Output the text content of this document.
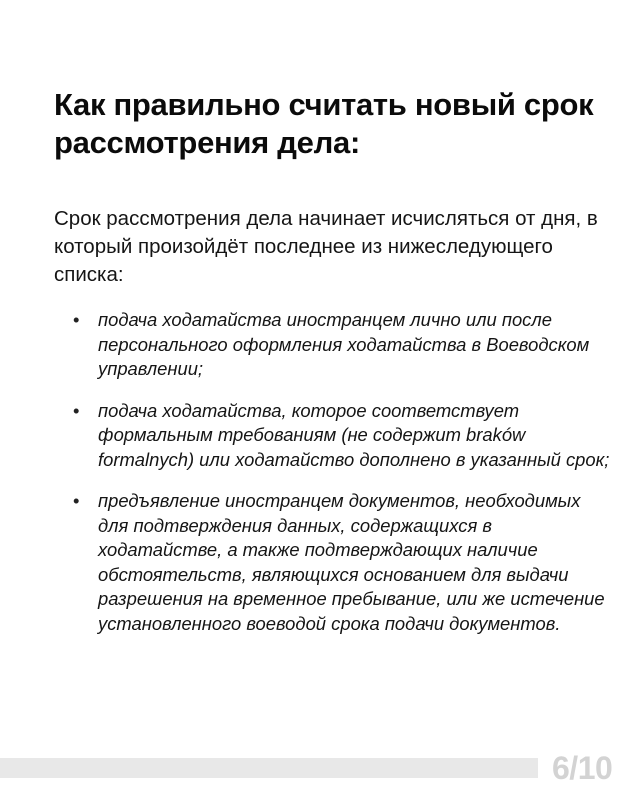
Как правильно считать новый срок рассмотрения дела:

Срок рассмотрения дела начинает исчисляться от дня, в который произойдёт последнее из нижеследующего списка:

• подача ходатайства иностранцем лично или после персонального оформления ходатайства в Воеводском управлении;
• подача ходатайства, которое соответствует формальным требованиям (не содержит braków formalnych) или ходатайство дополнено в указанный срок;
• предъявление иностранцем документов, необходимых для подтверждения данных, содержащихся в ходатайстве, а также подтверждающих наличие обстоятельств, являющихся основанием для выдачи разрешения на временное пребывание, или же истечение установленного воеводой срока подачи документов.
6/10
